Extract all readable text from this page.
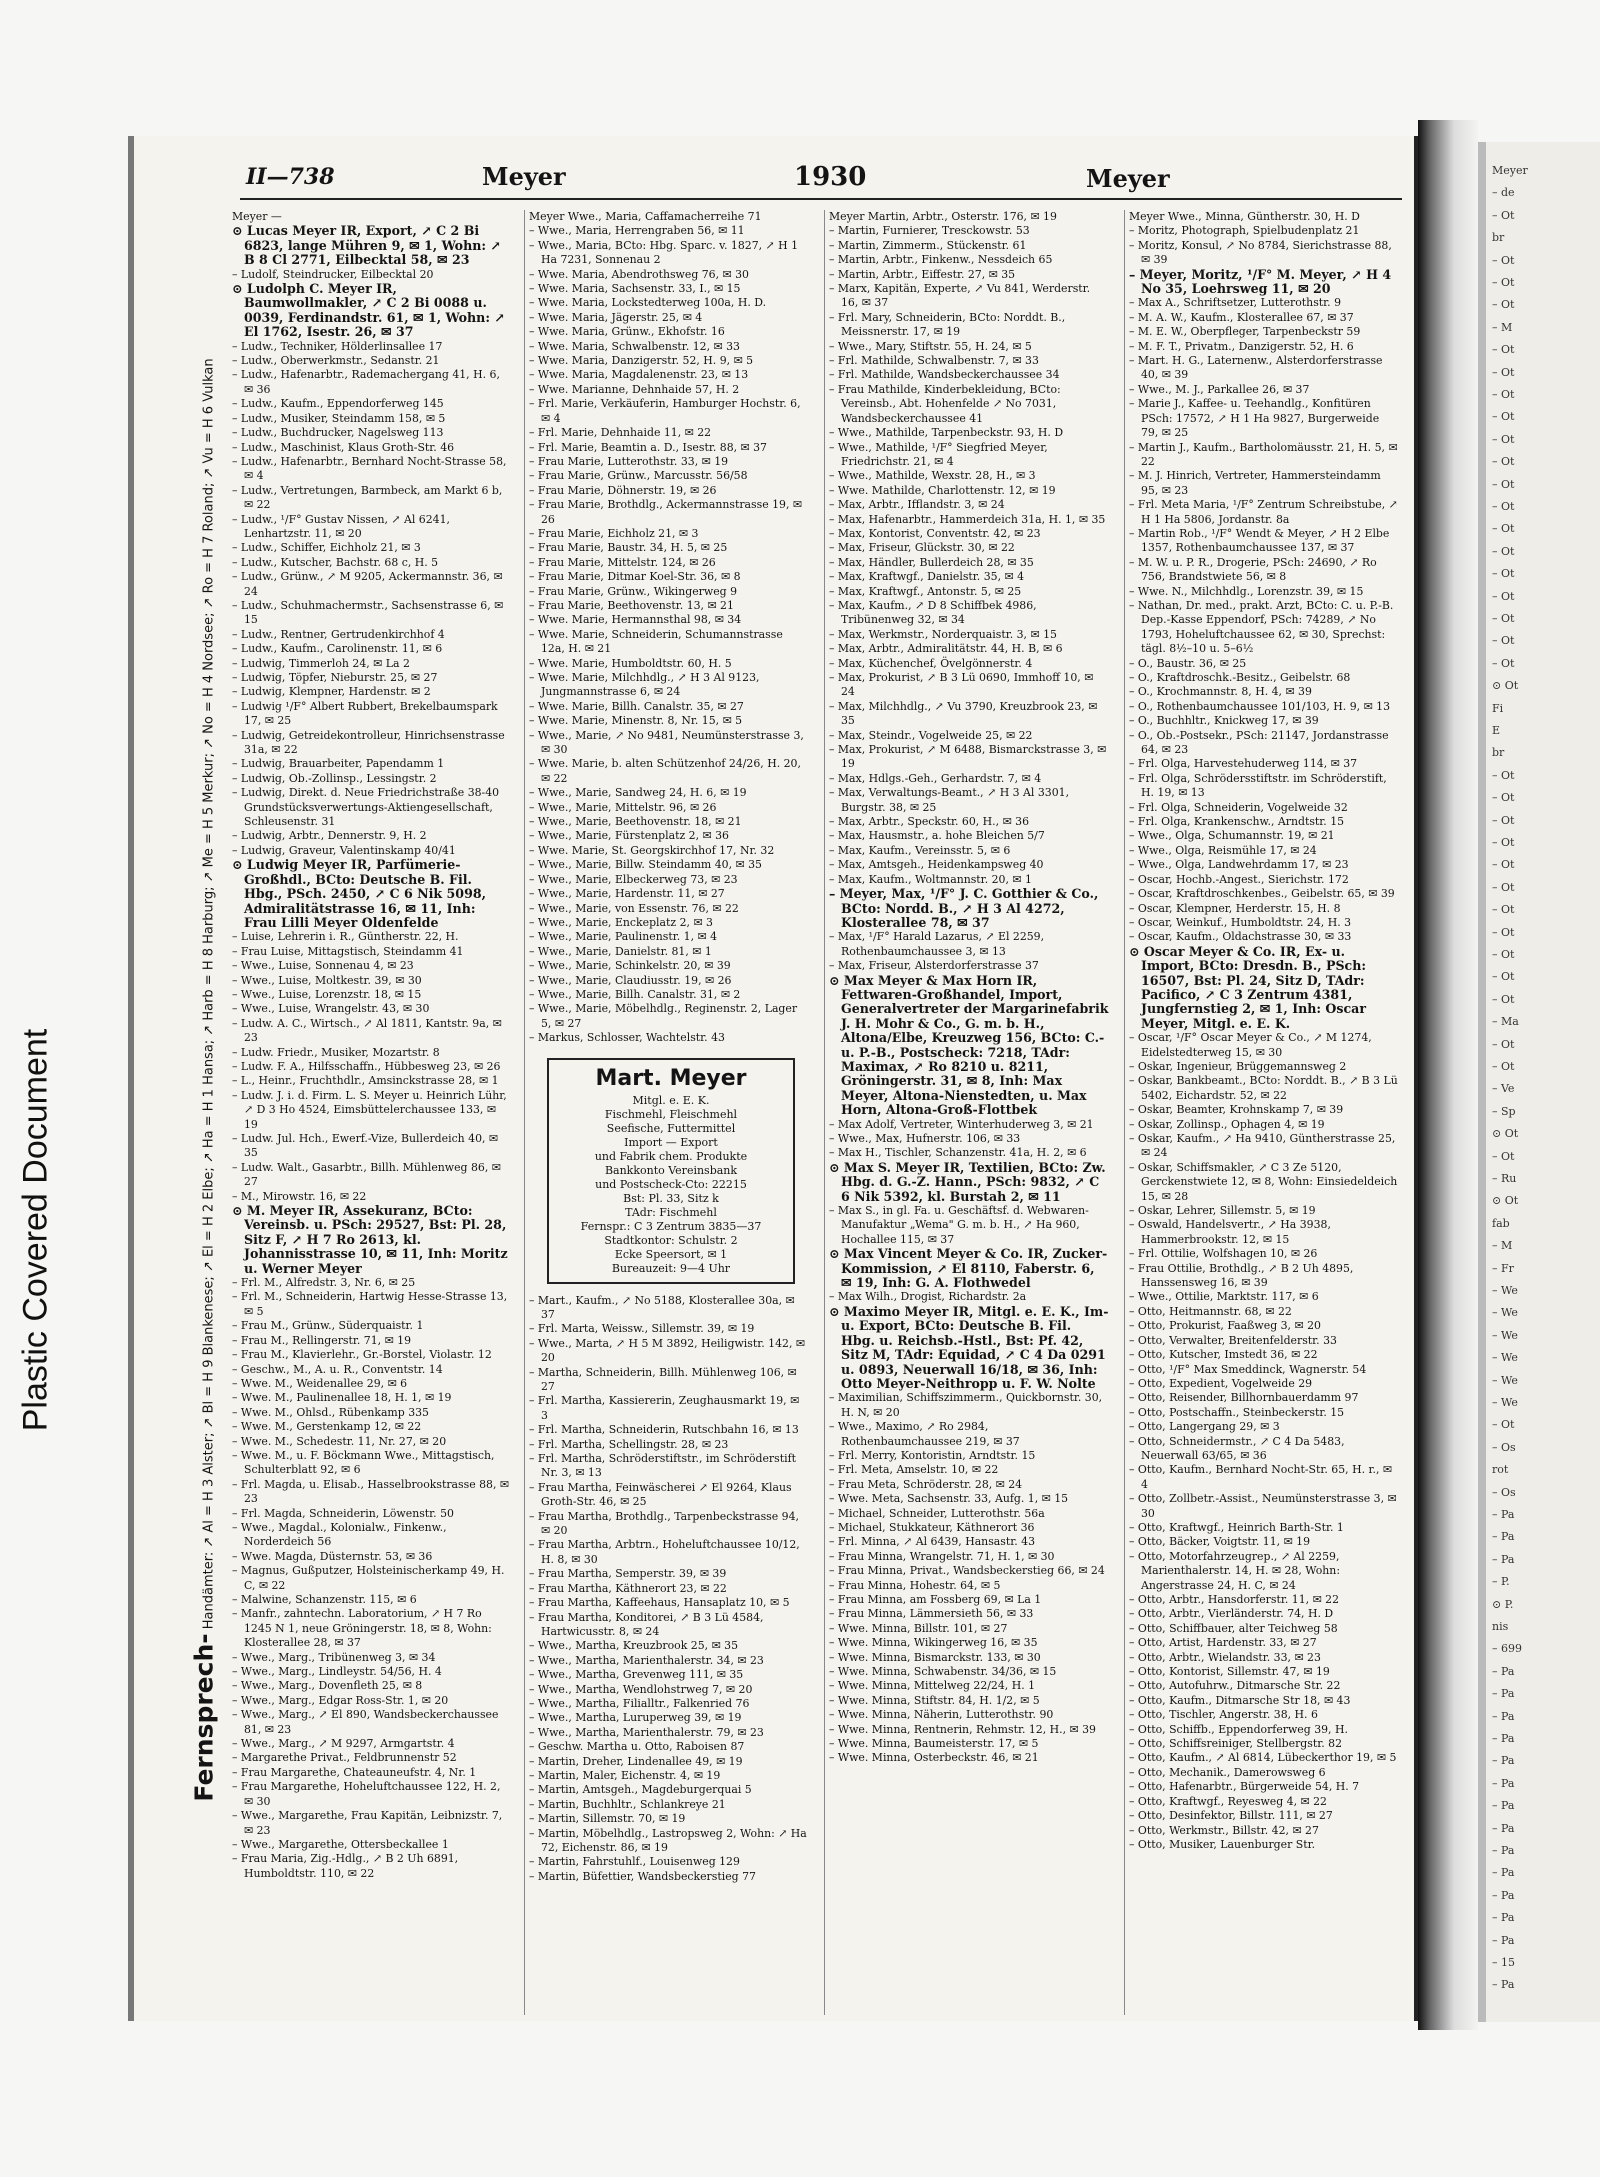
Plastic Covered Document
Meyer
– de
– Ot
br
– Ot
– Ot
– Ot
– M
– Ot
– Ot
– Ot
– Ot
– Ot
– Ot
– Ot
– Ot
– Ot
– Ot
– Ot
– Ot
– Ot
– Ot
– Ot
⊙ Ot
Fi
E
br
– Ot
– Ot
– Ot
– Ot
– Ot
– Ot
– Ot
– Ot
– Ot
– Ot
– Ot
– Ma
– Ot
– Ot
– Ve
– Sp
⊙ Ot
– Ot
– Ru
⊙ Ot
fab
– M
– Fr
– We
– We
– We
– We
– We
– We
– Ot
– Os
rot
– Os
– Pa
– Pa
– Pa
– P.
⊙ P.
nis
– 699
– Pa
– Pa
– Pa
– Pa
– Pa
– Pa
– Pa
– Pa
– Pa
– Pa
– Pa
– Pa
– Pa
– 15
– Pa
II—738	Meyer	1930	Meyer
Fernsprech- Handämter: ↗ Al = H 3 Alster; ↗ Bl = H 9 Blankenese; ↗ El = H 2 Elbe; ↗ Ha = H 1 Hansa; ↗ Harb = H 8 Harburg; ↗ Me = H 5 Merkur; ↗ No = H 4 Nordsee; ↗ Ro = H 7 Roland; ↗ Vu = H 6 Vulkan
Meyer —
⊙ Lucas Meyer IR, Export, ↗ C 2 Bi 6823, lange Mühren 9, ✉ 1, Wohn: ↗ B 8 Cl 2771, Eilbecktal 58, ✉ 23
– Ludolf, Steindrucker, Eilbecktal 20
⊙ Ludolph C. Meyer IR, Baumwollmakler, ↗ C 2 Bi 0088 u. 0039, Ferdinandstr. 61, ✉ 1, Wohn: ↗ El 1762, Isestr. 26, ✉ 37
– Ludw., Techniker, Hölderlinsallee 17
– Ludw., Oberwerkmstr., Sedanstr. 21
– Ludw., Hafenarbtr., Rademachergang 41, H. 6, ✉ 36
– Ludw., Kaufm., Eppendorferweg 145
– Ludw., Musiker, Steindamm 158, ✉ 5
– Ludw., Buchdrucker, Nagelsweg 113
– Ludw., Maschinist, Klaus Groth-Str. 46
– Ludw., Hafenarbtr., Bernhard Nocht-Strasse 58, ✉ 4
– Ludw., Vertretungen, Barmbeck, am Markt 6 b, ✉ 22
– Ludw., ¹/F° Gustav Nissen, ↗ Al 6241, Lenhartzstr. 11, ✉ 20
– Ludw., Schiffer, Eichholz 21, ✉ 3
– Ludw., Kutscher, Bachstr. 68 c, H. 5
– Ludw., Grünw., ↗ M 9205, Ackermannstr. 36, ✉ 24
– Ludw., Schuhmachermstr., Sachsenstrasse 6, ✉ 15
– Ludw., Rentner, Gertrudenkirchhof 4
– Ludw., Kaufm., Carolinenstr. 11, ✉ 6
– Ludwig, Timmerloh 24, ✉ La 2
– Ludwig, Töpfer, Nieburstr. 25, ✉ 27
– Ludwig, Klempner, Hardenstr. ✉ 2
– Ludwig ¹/F° Albert Rubbert, Brekelbaumspark 17, ✉ 25
– Ludwig, Getreidekontrolleur, Hinrichsenstrasse 31a, ✉ 22
– Ludwig, Brauarbeiter, Papendamm 1
– Ludwig, Ob.-Zollinsp., Lessingstr. 2
– Ludwig, Direkt. d. Neue Friedrichstraße 38-40 Grundstücksverwertungs-Aktiengesellschaft, Schleusenstr. 31
– Ludwig, Arbtr., Dennerstr. 9, H. 2
– Ludwig, Graveur, Valentinskamp 40/41
⊙ Ludwig Meyer IR, Parfümerie-Großhdl., BCto: Deutsche B. Fil. Hbg., PSch. 2450, ↗ C 6 Nik 5098, Admiralitätstrasse 16, ✉ 11, Inh: Frau Lilli Meyer Oldenfelde
– Luise, Lehrerin i. R., Güntherstr. 22, H.
– Frau Luise, Mittagstisch, Steindamm 41
– Wwe., Luise, Sonnenau 4, ✉ 23
– Wwe., Luise, Moltkestr. 39, ✉ 30
– Wwe., Luise, Lorenzstr. 18, ✉ 15
– Wwe., Luise, Wrangelstr. 43, ✉ 30
– Ludw. A. C., Wirtsch., ↗ Al 1811, Kantstr. 9a, ✉ 23
– Ludw. Friedr., Musiker, Mozartstr. 8
– Ludw. F. A., Hilfsschaffn., Hübbesweg 23, ✉ 26
– L., Heinr., Fruchthdlr., Amsinckstrasse 28, ✉ 1
– Ludw. J. i. d. Firm. L. S. Meyer u. Heinrich Lühr, ↗ D 3 Ho 4524, Eimsbüttelerchaussee 133, ✉ 19
– Ludw. Jul. Hch., Ewerf.-Vize, Bullerdeich 40, ✉ 35
– Ludw. Walt., Gasarbtr., Billh. Mühlenweg 86, ✉ 27
– M., Mirowstr. 16, ✉ 22
⊙ M. Meyer IR, Assekuranz, BCto: Vereinsb. u. PSch: 29527, Bst: Pl. 28, Sitz F, ↗ H 7 Ro 2613, kl. Johannisstrasse 10, ✉ 11, Inh: Moritz u. Werner Meyer
– Frl. M., Alfredstr. 3, Nr. 6, ✉ 25
– Frl. M., Schneiderin, Hartwig Hesse-Strasse 13, ✉ 5
– Frau M., Grünw., Süderquaistr. 1
– Frau M., Rellingerstr. 71, ✉ 19
– Frau M., Klavierlehr., Gr.-Borstel, Violastr. 12
– Geschw., M., A. u. R., Conventstr. 14
– Wwe. M., Weidenallee 29, ✉ 6
– Wwe. M., Paulinenallee 18, H. 1, ✉ 19
– Wwe. M., Ohlsd., Rübenkamp 335
– Wwe. M., Gerstenkamp 12, ✉ 22
– Wwe. M., Schedestr. 11, Nr. 27, ✉ 20
– Wwe. M., u. F. Böckmann Wwe., Mittagstisch, Schulterblatt 92, ✉ 6
– Frl. Magda, u. Elisab., Hasselbrookstrasse 88, ✉ 23
– Frl. Magda, Schneiderin, Löwenstr. 50
– Wwe., Magdal., Kolonialw., Finkenw., Norderdeich 56
– Wwe. Magda, Düsternstr. 53, ✉ 36
– Magnus, Gußputzer, Holsteinischerkamp 49, H. C, ✉ 22
– Malwine, Schanzenstr. 115, ✉ 6
– Manfr., zahntechn. Laboratorium, ↗ H 7 Ro 1245 N 1, neue Gröningerstr. 18, ✉ 8, Wohn: Klosterallee 28, ✉ 37
– Wwe., Marg., Tribünenweg 3, ✉ 34
– Wwe., Marg., Lindleystr. 54/56, H. 4
– Wwe., Marg., Dovenfleth 25, ✉ 8
– Wwe., Marg., Edgar Ross-Str. 1, ✉ 20
– Wwe., Marg., ↗ El 890, Wandsbeckerchaussee 81, ✉ 23
– Wwe., Marg., ↗ M 9297, Armgartstr. 4
– Margarethe Privat., Feldbrunnenstr 52
– Frau Margarethe, Chateauneufstr. 4, Nr. 1
– Frau Margarethe, Hoheluftchaussee 122, H. 2, ✉ 30
– Wwe., Margarethe, Frau Kapitän, Leibnizstr. 7, ✉ 23
– Wwe., Margarethe, Ottersbeckallee 1
– Frau Maria, Zig.-Hdlg., ↗ B 2 Uh 6891, Humboldtstr. 110, ✉ 22
Meyer Wwe., Maria, Caffamacherreihe 71
– Wwe., Maria, Herrengraben 56, ✉ 11
– Wwe., Maria, BCto: Hbg. Sparc. v. 1827, ↗ H 1 Ha 7231, Sonnenau 2
– Wwe. Maria, Abendrothsweg 76, ✉ 30
– Wwe. Maria, Sachsenstr. 33, I., ✉ 15
– Wwe. Maria, Lockstedterweg 100a, H. D.
– Wwe. Maria, Jägerstr. 25, ✉ 4
– Wwe. Maria, Grünw., Ekhofstr. 16
– Wwe. Maria, Schwalbenstr. 12, ✉ 33
– Wwe. Maria, Danzigerstr. 52, H. 9, ✉ 5
– Wwe. Maria, Magdalenenstr. 23, ✉ 13
– Wwe. Marianne, Dehnhaide 57, H. 2
– Frl. Marie, Verkäuferin, Hamburger Hochstr. 6, ✉ 4
– Frl. Marie, Dehnhaide 11, ✉ 22
– Frl. Marie, Beamtin a. D., Isestr. 88, ✉ 37
– Frau Marie, Lutterothstr. 33, ✉ 19
– Frau Marie, Grünw., Marcusstr. 56/58
– Frau Marie, Döhnerstr. 19, ✉ 26
– Frau Marie, Brothdlg., Ackermannstrasse 19, ✉ 26
– Frau Marie, Eichholz 21, ✉ 3
– Frau Marie, Baustr. 34, H. 5, ✉ 25
– Frau Marie, Mittelstr. 124, ✉ 26
– Frau Marie, Ditmar Koel-Str. 36, ✉ 8
– Frau Marie, Grünw., Wikingerweg 9
– Frau Marie, Beethovenstr. 13, ✉ 21
– Wwe. Marie, Hermannsthal 98, ✉ 34
– Wwe. Marie, Schneiderin, Schumannstrasse 12a, H. ✉ 21
– Wwe. Marie, Humboldtstr. 60, H. 5
– Wwe. Marie, Milchhdlg., ↗ H 3 Al 9123, Jungmannstrasse 6, ✉ 24
– Wwe. Marie, Billh. Canalstr. 35, ✉ 27
– Wwe. Marie, Minenstr. 8, Nr. 15, ✉ 5
– Wwe., Marie, ↗ No 9481, Neumünsterstrasse 3, ✉ 30
– Wwe. Marie, b. alten Schützenhof 24/26, H. 20, ✉ 22
– Wwe., Marie, Sandweg 24, H. 6, ✉ 19
– Wwe., Marie, Mittelstr. 96, ✉ 26
– Wwe., Marie, Beethovenstr. 18, ✉ 21
– Wwe., Marie, Fürstenplatz 2, ✉ 36
– Wwe. Marie, St. Georgskirchhof 17, Nr. 32
– Wwe., Marie, Billw. Steindamm 40, ✉ 35
– Wwe., Marie, Elbeckerweg 73, ✉ 23
– Wwe., Marie, Hardenstr. 11, ✉ 27
– Wwe., Marie, von Essenstr. 76, ✉ 22
– Wwe., Marie, Enckeplatz 2, ✉ 3
– Wwe., Marie, Paulinenstr. 1, ✉ 4
– Wwe., Marie, Danielstr. 81, ✉ 1
– Wwe., Marie, Schinkelstr. 20, ✉ 39
– Wwe., Marie, Claudiusstr. 19, ✉ 26
– Wwe., Marie, Billh. Canalstr. 31, ✉ 2
– Wwe., Marie, Möbelhdlg., Reginenstr. 2, Lager 5, ✉ 27
– Markus, Schlosser, Wachtelstr. 43
Mart. Meyer
Mitgl. e. E. K.
Fischmehl, Fleischmehl
Seefische, Futtermittel
Import — Export
und Fabrik chem. Produkte
Bankkonto Vereinsbank
und Postscheck-Cto: 22215
Bst: Pl. 33, Sitz k
TAdr: Fischmehl
Fernspr.: C 3 Zentrum 3835—37
Stadtkontor: Schulstr. 2
Ecke Speersort, ✉ 1
Bureauzeit: 9—4 Uhr
– Mart., Kaufm., ↗ No 5188, Klosterallee 30a, ✉ 37
– Frl. Marta, Weissw., Sillemstr. 39, ✉ 19
– Wwe., Marta, ↗ H 5 M 3892, Heiligwistr. 142, ✉ 20
– Martha, Schneiderin, Billh. Mühlenweg 106, ✉ 27
– Frl. Martha, Kassiererin, Zeughausmarkt 19, ✉ 3
– Frl. Martha, Schneiderin, Rutschbahn 16, ✉ 13
– Frl. Martha, Schellingstr. 28, ✉ 23
– Frl. Martha, Schröderstiftstr., im Schröderstift Nr. 3, ✉ 13
– Frau Martha, Feinwäscherei ↗ El 9264, Klaus Groth-Str. 46, ✉ 25
– Frau Martha, Brothdlg., Tarpenbeckstrasse 94, ✉ 20
– Frau Martha, Arbtrn., Hoheluftchaussee 10/12, H. 8, ✉ 30
– Frau Martha, Semperstr. 39, ✉ 39
– Frau Martha, Käthnerort 23, ✉ 22
– Frau Martha, Kaffeehaus, Hansaplatz 10, ✉ 5
– Frau Martha, Konditorei, ↗ B 3 Lü 4584, Hartwicusstr. 8, ✉ 24
– Wwe., Martha, Kreuzbrook 25, ✉ 35
– Wwe., Martha, Marienthalerstr. 34, ✉ 23
– Wwe., Martha, Grevenweg 111, ✉ 35
– Wwe., Martha, Wendlohstrweg 7, ✉ 20
– Wwe., Martha, Filialltr., Falkenried 76
– Wwe., Martha, Luruperweg 39, ✉ 19
– Wwe., Martha, Marienthalerstr. 79, ✉ 23
– Geschw. Martha u. Otto, Raboisen 87
– Martin, Dreher, Lindenallee 49, ✉ 19
– Martin, Maler, Eichenstr. 4, ✉ 19
– Martin, Amtsgeh., Magdeburgerquai 5
– Martin, Buchhltr., Schlankreye 21
– Martin, Sillemstr. 70, ✉ 19
– Martin, Möbelhdlg., Lastropsweg 2, Wohn: ↗ Ha 72, Eichenstr. 86, ✉ 19
– Martin, Fahrstuhlf., Louisenweg 129
– Martin, Büfettier, Wandsbeckerstieg 77
Meyer Martin, Arbtr., Osterstr. 176, ✉ 19
– Martin, Furnierer, Tresckowstr. 53
– Martin, Zimmerm., Stückenstr. 61
– Martin, Arbtr., Finkenw., Nessdeich 65
– Martin, Arbtr., Eiffestr. 27, ✉ 35
– Marx, Kapitän, Experte, ↗ Vu 841, Werderstr. 16, ✉ 37
– Frl. Mary, Schneiderin, BCto: Norddt. B., Meissnerstr. 17, ✉ 19
– Wwe., Mary, Stiftstr. 55, H. 24, ✉ 5
– Frl. Mathilde, Schwalbenstr. 7, ✉ 33
– Frl. Mathilde, Wandsbeckerchaussee 34
– Frau Mathilde, Kinderbekleidung, BCto: Vereinsb., Abt. Hohenfelde ↗ No 7031, Wandsbeckerchaussee 41
– Wwe., Mathilde, Tarpenbeckstr. 93, H. D
– Wwe., Mathilde, ¹/F° Siegfried Meyer, Friedrichstr. 21, ✉ 4
– Wwe., Mathilde, Wexstr. 28, H., ✉ 3
– Wwe. Mathilde, Charlottenstr. 12, ✉ 19
– Max, Arbtr., Ifflandstr. 3, ✉ 24
– Max, Hafenarbtr., Hammerdeich 31a, H. 1, ✉ 35
– Max, Kontorist, Conventstr. 42, ✉ 23
– Max, Friseur, Glückstr. 30, ✉ 22
– Max, Händler, Bullerdeich 28, ✉ 35
– Max, Kraftwgf., Danielstr. 35, ✉ 4
– Max, Kraftwgf., Antonstr. 5, ✉ 25
– Max, Kaufm., ↗ D 8 Schiffbek 4986, Tribünenweg 32, ✉ 34
– Max, Werkmstr., Norderquaistr. 3, ✉ 15
– Max, Arbtr., Admiralitätstr. 44, H. B, ✉ 6
– Max, Küchenchef, Övelgönnerstr. 4
– Max, Prokurist, ↗ B 3 Lü 0690, Immhoff 10, ✉ 24
– Max, Milchhdlg., ↗ Vu 3790, Kreuzbrook 23, ✉ 35
– Max, Steindr., Vogelweide 25, ✉ 22
– Max, Prokurist, ↗ M 6488, Bismarckstrasse 3, ✉ 19
– Max, Hdlgs.-Geh., Gerhardstr. 7, ✉ 4
– Max, Verwaltungs-Beamt., ↗ H 3 Al 3301, Burgstr. 38, ✉ 25
– Max, Arbtr., Speckstr. 60, H., ✉ 36
– Max, Hausmstr., a. hohe Bleichen 5/7
– Max, Kaufm., Vereinsstr. 5, ✉ 6
– Max, Amtsgeh., Heidenkampsweg 40
– Max, Kaufm., Woltmannstr. 20, ✉ 1
– Meyer, Max, ¹/F° J. C. Gotthier & Co., BCto: Nordd. B., ↗ H 3 Al 4272, Klosterallee 78, ✉ 37
– Max, ¹/F° Harald Lazarus, ↗ El 2259, Rothenbaumchaussee 3, ✉ 13
– Max, Friseur, Alsterdorferstrasse 37
⊙ Max Meyer & Max Horn IR, Fettwaren-Großhandel, Import, Generalvertreter der Margarinefabrik J. H. Mohr & Co., G. m. b. H., Altona/Elbe, Kreuzweg 156, BCto: C.- u. P.-B., Postscheck: 7218, TAdr: Maximax, ↗ Ro 8210 u. 8211, Gröningerstr. 31, ✉ 8, Inh: Max Meyer, Altona-Nienstedten, u. Max Horn, Altona-Groß-Flottbek
– Max Adolf, Vertreter, Winterhuderweg 3, ✉ 21
– Wwe., Max, Hufnerstr. 106, ✉ 33
– Max H., Tischler, Schanzenstr. 41a, H. 2, ✉ 6
⊙ Max S. Meyer IR, Textilien, BCto: Zw. Hbg. d. G.-Z. Hann., PSch: 9832, ↗ C 6 Nik 5392, kl. Burstah 2, ✉ 11
– Max S., in gl. Fa. u. Geschäftsf. d. Webwaren-Manufaktur „Wema" G. m. b. H., ↗ Ha 960, Hochallee 115, ✉ 37
⊙ Max Vincent Meyer & Co. IR, Zucker-Kommission, ↗ El 8110, Faberstr. 6, ✉ 19, Inh: G. A. Flothwedel
– Max Wilh., Drogist, Richardstr. 2a
⊙ Maximo Meyer IR, Mitgl. e. E. K., Im- u. Export, BCto: Deutsche B. Fil. Hbg. u. Reichsb.-Hstl., Bst: Pf. 42, Sitz M, TAdr: Equidad, ↗ C 4 Da 0291 u. 0893, Neuerwall 16/18, ✉ 36, Inh: Otto Meyer-Neithropp u. F. W. Nolte
– Maximilian, Schiffszimmerm., Quickbornstr. 30, H. N, ✉ 20
– Wwe., Maximo, ↗ Ro 2984, Rothenbaumchaussee 219, ✉ 37
– Frl. Merry, Kontoristin, Arndtstr. 15
– Frl. Meta, Amselstr. 10, ✉ 22
– Frau Meta, Schröderstr. 28, ✉ 24
– Wwe. Meta, Sachsenstr. 33, Aufg. 1, ✉ 15
– Michael, Schneider, Lutterothstr. 56a
– Michael, Stukkateur, Käthnerort 36
– Frl. Minna, ↗ Al 6439, Hansastr. 43
– Frau Minna, Wrangelstr. 71, H. 1, ✉ 30
– Frau Minna, Privat., Wandsbeckerstieg 66, ✉ 24
– Frau Minna, Hohestr. 64, ✉ 5
– Frau Minna, am Fossberg 69, ✉ La 1
– Frau Minna, Lämmersieth 56, ✉ 33
– Wwe. Minna, Billstr. 101, ✉ 27
– Wwe. Minna, Wikingerweg 16, ✉ 35
– Wwe. Minna, Bismarckstr. 133, ✉ 30
– Wwe. Minna, Schwabenstr. 34/36, ✉ 15
– Wwe. Minna, Mittelweg 22/24, H. 1
– Wwe. Minna, Stiftstr. 84, H. 1/2, ✉ 5
– Wwe. Minna, Näherin, Lutterothstr. 90
– Wwe. Minna, Rentnerin, Rehmstr. 12, H., ✉ 39
– Wwe. Minna, Baumeisterstr. 17, ✉ 5
– Wwe. Minna, Osterbeckstr. 46, ✉ 21
Meyer Wwe., Minna, Güntherstr. 30, H. D
– Moritz, Photograph, Spielbudenplatz 21
– Moritz, Konsul, ↗ No 8784, Sierichstrasse 88, ✉ 39
– Meyer, Moritz, ¹/F° M. Meyer, ↗ H 4 No 35, Loehrsweg 11, ✉ 20
– Max A., Schriftsetzer, Lutterothstr. 9
– M. A. W., Kaufm., Klosterallee 67, ✉ 37
– M. E. W., Oberpfleger, Tarpenbeckstr 59
– M. F. T., Privatm., Danzigerstr. 52, H. 6
– Mart. H. G., Laternenw., Alsterdorferstrasse 40, ✉ 39
– Wwe., M. J., Parkallee 26, ✉ 37
– Marie J., Kaffee- u. Teehandlg., Konfitüren PSch: 17572, ↗ H 1 Ha 9827, Burgerweide 79, ✉ 25
– Martin J., Kaufm., Bartholomäusstr. 21, H. 5, ✉ 22
– M. J. Hinrich, Vertreter, Hammersteindamm 95, ✉ 23
– Frl. Meta Maria, ¹/F° Zentrum Schreibstube, ↗ H 1 Ha 5806, Jordanstr. 8a
– Martin Rob., ¹/F° Wendt & Meyer, ↗ H 2 Elbe 1357, Rothenbaumchaussee 137, ✉ 37
– M. W. u. P. R., Drogerie, PSch: 24690, ↗ Ro 756, Brandstwiete 56, ✉ 8
– Wwe. N., Milchhdlg., Lorenzstr. 39, ✉ 15
– Nathan, Dr. med., prakt. Arzt, BCto: C. u. P.-B. Dep.-Kasse Eppendorf, PSch: 74289, ↗ No 1793, Hoheluftchaussee 62, ✉ 30, Sprechst: tägl. 8½–10 u. 5–6½
– O., Baustr. 36, ✉ 25
– O., Kraftdroschk.-Besitz., Geibelstr. 68
– O., Krochmannstr. 8, H. 4, ✉ 39
– O., Rothenbaumchaussee 101/103, H. 9, ✉ 13
– O., Buchhltr., Knickweg 17, ✉ 39
– O., Ob.-Postsekr., PSch: 21147, Jordanstrasse 64, ✉ 23
– Frl. Olga, Harvestehuderweg 114, ✉ 37
– Frl. Olga, Schrödersstiftstr. im Schröderstift, H. 19, ✉ 13
– Frl. Olga, Schneiderin, Vogelweide 32
– Frl. Olga, Krankenschw., Arndtstr. 15
– Wwe., Olga, Schumannstr. 19, ✉ 21
– Wwe., Olga, Reismühle 17, ✉ 24
– Wwe., Olga, Landwehrdamm 17, ✉ 23
– Oscar, Hochb.-Angest., Sierichstr. 172
– Oscar, Kraftdroschkenbes., Geibelstr. 65, ✉ 39
– Oscar, Klempner, Herderstr. 15, H. 8
– Oscar, Weinkuf., Humboldtstr. 24, H. 3
– Oscar, Kaufm., Oldachstrasse 30, ✉ 33
⊙ Oscar Meyer & Co. IR, Ex- u. Import, BCto: Dresdn. B., PSch: 16507, Bst: Pl. 24, Sitz D, TAdr: Pacifico, ↗ C 3 Zentrum 4381, Jungfernstieg 2, ✉ 1, Inh: Oscar Meyer, Mitgl. e. E. K.
– Oscar, ¹/F° Oscar Meyer & Co., ↗ M 1274, Eidelstedterweg 15, ✉ 30
– Oskar, Ingenieur, Brüggemannsweg 2
– Oskar, Bankbeamt., BCto: Norddt. B., ↗ B 3 Lü 5402, Eichardstr. 52, ✉ 22
– Oskar, Beamter, Krohnskamp 7, ✉ 39
– Oskar, Zollinsp., Ophagen 4, ✉ 19
– Oskar, Kaufm., ↗ Ha 9410, Güntherstrasse 25, ✉ 24
– Oskar, Schiffsmakler, ↗ C 3 Ze 5120, Gerckenstwiete 12, ✉ 8, Wohn: Einsiedeldeich 15, ✉ 28
– Oskar, Lehrer, Sillemstr. 5, ✉ 19
– Oswald, Handelsvertr., ↗ Ha 3938, Hammerbrookstr. 12, ✉ 15
– Frl. Ottilie, Wolfshagen 10, ✉ 26
– Frau Ottilie, Brothdlg., ↗ B 2 Uh 4895, Hanssensweg 16, ✉ 39
– Wwe., Ottilie, Marktstr. 117, ✉ 6
– Otto, Heitmannstr. 68, ✉ 22
– Otto, Prokurist, Faaßweg 3, ✉ 20
– Otto, Verwalter, Breitenfelderstr. 33
– Otto, Kutscher, Imstedt 36, ✉ 22
– Otto, ¹/F° Max Smeddinck, Wagnerstr. 54
– Otto, Expedient, Vogelweide 29
– Otto, Reisender, Billhornbauerdamm 97
– Otto, Postschaffn., Steinbeckerstr. 15
– Otto, Langergang 29, ✉ 3
– Otto, Schneidermstr., ↗ C 4 Da 5483, Neuerwall 63/65, ✉ 36
– Otto, Kaufm., Bernhard Nocht-Str. 65, H. r., ✉ 4
– Otto, Zollbetr.-Assist., Neumünsterstrasse 3, ✉ 30
– Otto, Kraftwgf., Heinrich Barth-Str. 1
– Otto, Bäcker, Voigtstr. 11, ✉ 19
– Otto, Motorfahrzeugrep., ↗ Al 2259, Marienthalerstr. 14, H. ✉ 28, Wohn: Angerstrasse 24, H. C, ✉ 24
– Otto, Arbtr., Hansdorferstr. 11, ✉ 22
– Otto, Arbtr., Vierländerstr. 74, H. D
– Otto, Schiffbauer, alter Teichweg 58
– Otto, Artist, Hardenstr. 33, ✉ 27
– Otto, Arbtr., Wielandstr. 33, ✉ 23
– Otto, Kontorist, Sillemstr. 47, ✉ 19
– Otto, Autofuhrw., Ditmarsche Str. 22
– Otto, Kaufm., Ditmarsche Str 18, ✉ 43
– Otto, Tischler, Angerstr. 38, H. 6
– Otto, Schiffb., Eppendorferweg 39, H.
– Otto, Schiffsreiniger, Stellbergstr. 82
– Otto, Kaufm., ↗ Al 6814, Lübeckerthor 19, ✉ 5
– Otto, Mechanik., Damerowsweg 6
– Otto, Hafenarbtr., Bürgerweide 54, H. 7
– Otto, Kraftwgf., Reyesweg 4, ✉ 22
– Otto, Desinfektor, Billstr. 111, ✉ 27
– Otto, Werkmstr., Billstr. 42, ✉ 27
– Otto, Musiker, Lauenburger Str.
